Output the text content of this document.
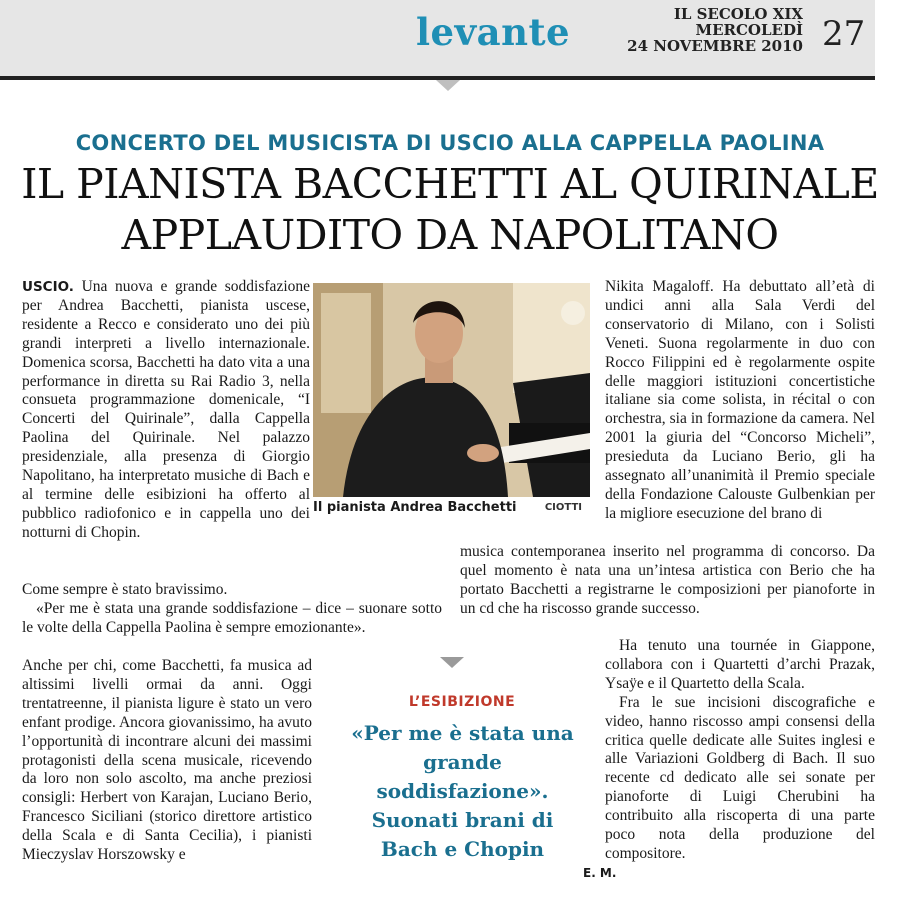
levante	IL SECOLO XIX
MERCOLEDÌ
24 NOVEMBRE 2010 27
CONCERTO DEL MUSICISTA DI USCIO ALLA CAPPELLA PAOLINA
IL PIANISTA BACCHETTI AL QUIRINALE
APPLAUDITO DA NAPOLITANO

USCIO. Una nuova e grande soddisfazione per Andrea Bacchetti, pianista uscese, residente a Recco e considerato uno dei più grandi interpreti a livello internazionale. Domenica scorsa, Bacchetti ha dato vita a una performance in diretta su Rai Radio 3, nella consueta programmazione domenicale, “I Concerti del Quirinale”, dalla Cappella Paolina del Quirinale. Nel palazzo presidenziale, alla presenza di Giorgio Napolitano, ha interpretato musiche di Bach e al termine delle esibizioni ha offerto al pubblico radiofonico e in cappella uno dei notturni di Chopin.

Come sempre è stato bravissimo.

«Per me è stata una grande soddisfazione – dice – suonare sotto le volte della Cappella Paolina è sempre emozionante».

Anche per chi, come Bacchetti, fa musica ad altissimi livelli ormai da anni. Oggi trentatreenne, il pianista ligure è stato un vero enfant prodige. Ancora giovanissimo, ha avuto l’opportunità di incontrare alcuni dei massimi protagonisti della scena musicale, ricevendo da loro non solo ascolto, ma anche preziosi consigli: Herbert von Karajan, Luciano Berio, Francesco Siciliani (storico direttore artistico della Scala e di Santa Cecilia), i pianisti Mieczyslav Horszowsky e

Il pianista Andrea Bacchetti	CIOTTI

Nikita Magaloff. Ha debuttato all’età di undici anni alla Sala Verdi del conservatorio di Milano, con i Solisti Veneti. Suona regolarmente in duo con Rocco Filippini ed è regolarmente ospite delle maggiori istituzioni concertistiche italiane sia come solista, in récital o con orchestra, sia in formazione da camera. Nel 2001 la giuria del “Concorso Micheli”, presieduta da Luciano Berio, gli ha assegnato all’unanimità il Premio speciale della Fondazione Calouste Gulbenkian per la migliore esecuzione del brano di

musica contemporanea inserito nel programma di concorso. Da quel momento è nata una un’intesa artistica con Berio che ha portato Bacchetti a registrarne le composizioni per pianoforte in un cd che ha riscosso grande successo.

Ha tenuto una tournée in Giappone, collabora con i Quartetti d’archi Prazak, Ysaÿe e il Quartetto della Scala.

Fra le sue incisioni discografiche e video, hanno riscosso ampi consensi della critica quelle dedicate alle Suites inglesi e alle Variazioni Goldberg di Bach. Il suo recente cd dedicato alle sei sonate per pianoforte di Luigi Cherubini ha contribuito alla riscoperta di una parte poco nota della produzione del compositore.

E. M.
L’ESIBIZIONE
«Per me è stata una grande soddisfazione». Suonati brani di Bach e Chopin
